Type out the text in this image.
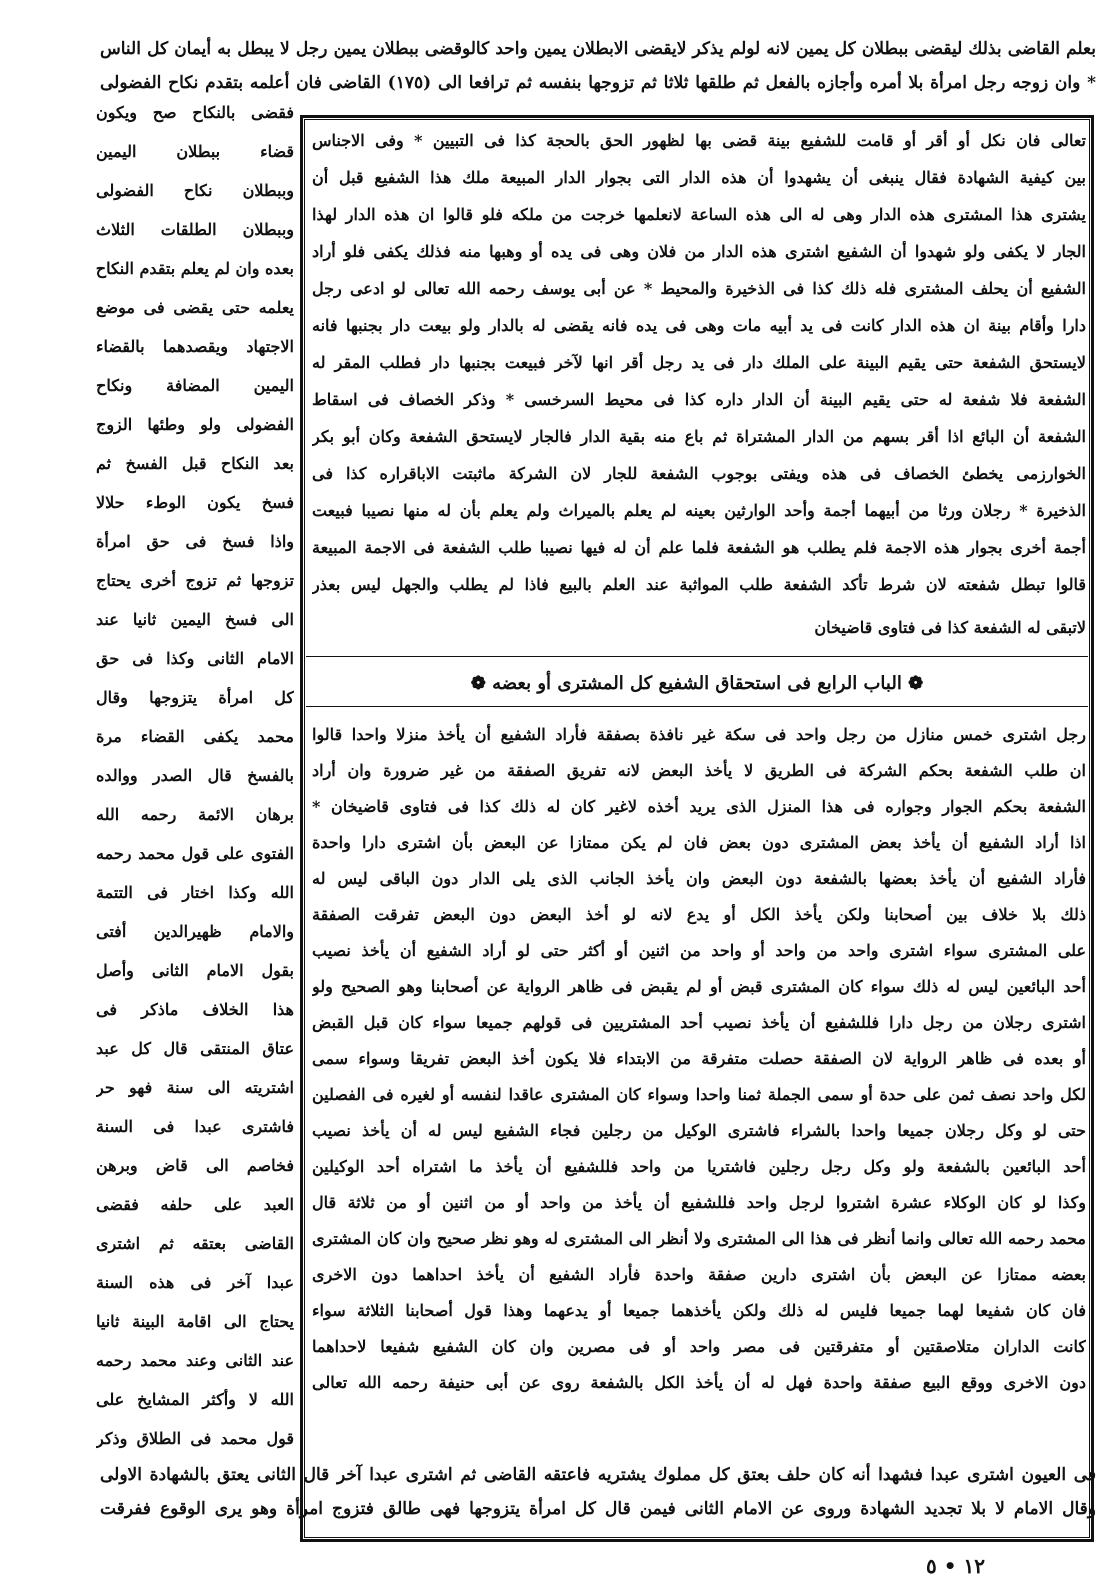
بعلم القاضی بذلك لیقضی ببطلان كل یمین لانه لولم یذكر لایقضی الابطلان یمین واحد كالوقضی ببطلان یمین رجل لا یبطل به أیمان كل الناس
* وان زوجه رجل امرأة بلا أمره وأجازه بالفعل ثم طلقها ثلاثا ثم تزوجها بنفسه ثم ترافعا الى (١٧٥) القاضی فان أعلمه بتقدم نكاح الفضولی
فقضی بالنكاح صح ویكون
قضاء ببطلان الیمین
وببطلان نكاح الفضولی
وببطلان الطلقات الثلاث
بعده وان لم یعلم بتقدم النكاح
یعلمه حتی یقضی فی موضع
الاجتهاد ویقصدهما بالقضاء
الیمین المضافة ونكاح
الفضولی ولو وطئها الزوج
بعد النكاح قبل الفسخ ثم
فسخ یكون الوطء حلالا
واذا فسخ فی حق امرأة
تزوجها ثم تزوج أخری یحتاج
الی فسخ الیمین ثانیا عند
الامام الثانی وكذا فی حق
كل امرأة یتزوجها وقال
محمد یكفی القضاء مرة
بالفسخ قال الصدر ووالده
برهان الائمة رحمه الله
الفتوی علی قول محمد رحمه
الله وكذا اختار فی التتمة
والامام ظهیرالدین أفتی
بقول الامام الثانی وأصل
هذا الخلاف ماذكر فی
عتاق المنتقی قال كل عبد
اشتریته الی سنة فهو حر
فاشتری عبدا فی السنة
فخاصم الی قاض وبرهن
العبد علی حلفه فقضی
القاضی بعتقه ثم اشتری
عبدا آخر فی هذه السنة
یحتاج الی اقامة البینة ثانیا
عند الثانی وعند محمد رحمه
الله لا وأكثر المشایخ علی
قول محمد فی الطلاق وذكر
تعالی فان نكل أو أقر أو قامت للشفیع بینة قضی بها لظهور الحق بالحجة كذا فی التبیین * وفی الاجناس
بین كیفیة الشهادة فقال ینبغی أن یشهدوا أن هذه الدار التی بجوار الدار المبیعة ملك هذا الشفیع قبل أن
یشتری هذا المشتری هذه الدار وهی له الی هذه الساعة لانعلمها خرجت من ملكه فلو قالوا ان هذه الدار لهذا
الجار لا یكفی ولو شهدوا أن الشفیع اشتری هذه الدار من فلان وهی فی یده أو وهبها منه فذلك یكفی فلو أراد
الشفیع أن یحلف المشتری فله ذلك كذا فی الذخیرة والمحیط * عن أبی یوسف رحمه الله تعالی لو ادعی رجل
دارا وأقام بینة ان هذه الدار كانت فی ید أبیه مات وهی فی یده فانه یقضی له بالدار ولو بیعت دار بجنبها فانه
لایستحق الشفعة حتی یقیم البینة علی الملك دار فی ید رجل أقر انها لآخر فبیعت بجنبها دار فطلب المقر له
الشفعة فلا شفعة له حتی یقیم البینة أن الدار داره كذا فی محیط السرخسی * وذكر الخصاف فی اسقاط
الشفعة أن البائع اذا أقر بسهم من الدار المشتراة ثم باع منه بقیة الدار فالجار لایستحق الشفعة وكان أبو بكر
الخوارزمی یخطئ الخصاف فی هذه ویفتی بوجوب الشفعة للجار لان الشركة ماثبتت الاباقراره كذا فی
الذخیرة * رجلان ورثا من أبیهما أجمة وأحد الوارثین بعینه لم یعلم بالمیراث ولم یعلم بأن له منها نصیبا فبیعت
أجمة أخری بجوار هذه الاجمة فلم یطلب هو الشفعة فلما علم أن له فیها نصیبا طلب الشفعة فی الاجمة المبیعة
قالوا تبطل شفعته لان شرط تأكد الشفعة طلب المواثبة عند العلم بالبیع فاذا لم یطلب والجهل لیس بعذر
لاتبقی له الشفعة كذا فی فتاوی قاضیخان
❁ الباب الرابع فی استحقاق الشفیع كل المشتری أو بعضه ❁
رجل اشتری خمس منازل من رجل واحد فی سكة غیر نافذة بصفقة فأراد الشفیع أن یأخذ منزلا واحدا قالوا
ان طلب الشفعة بحكم الشركة فی الطریق لا یأخذ البعض لانه تفریق الصفقة من غیر ضرورة وان أراد
الشفعة بحكم الجوار وجواره فی هذا المنزل الذی یرید أخذه لاغیر كان له ذلك كذا فی فتاوی قاضیخان *
اذا أراد الشفیع أن یأخذ بعض المشتری دون بعض فان لم یكن ممتازا عن البعض بأن اشتری دارا واحدة
فأراد الشفیع أن یأخذ بعضها بالشفعة دون البعض وان یأخذ الجانب الذی یلی الدار دون الباقی لیس له
ذلك بلا خلاف بین أصحابنا ولكن یأخذ الكل أو یدع لانه لو أخذ البعض دون البعض تفرقت الصفقة
علی المشتری سواء اشتری واحد من واحد أو واحد من اثنین أو أكثر حتی لو أراد الشفیع أن یأخذ نصیب
أحد البائعین لیس له ذلك سواء كان المشتری قبض أو لم یقبض فی ظاهر الروایة عن أصحابنا وهو الصحیح ولو
اشتری رجلان من رجل دارا فللشفیع أن یأخذ نصیب أحد المشتریین فی قولهم جمیعا سواء كان قبل القبض
أو بعده فی ظاهر الروایة لان الصفقة حصلت متفرقة من الابتداء فلا یكون أخذ البعض تفریقا وسواء سمی
لكل واحد نصف ثمن علی حدة أو سمی الجملة ثمنا واحدا وسواء كان المشتری عاقدا لنفسه أو لغیره فی الفصلین
حتی لو وكل رجلان جمیعا واحدا بالشراء فاشتری الوكیل من رجلین فجاء الشفیع لیس له أن یأخذ نصیب
أحد البائعین بالشفعة ولو وكل رجل رجلین فاشتریا من واحد فللشفیع أن یأخذ ما اشتراه أحد الوكیلین
وكذا لو كان الوكلاء عشرة اشتروا لرجل واحد فللشفیع أن یأخذ من واحد أو من اثنین أو من ثلاثة قال
محمد رحمه الله تعالی وانما أنظر فی هذا الی المشتری ولا أنظر الی المشتری له وهو نظر صحیح وان كان المشتری
بعضه ممتازا عن البعض بأن اشتری دارین صفقة واحدة فأراد الشفیع أن یأخذ احداهما دون الاخری
فان كان شفیعا لهما جمیعا فلیس له ذلك ولكن یأخذهما جمیعا أو یدعهما وهذا قول أصحابنا الثلاثة سواء
كانت الداران متلاصقتین أو متفرقتین فی مصر واحد أو فی مصرین وان كان الشفیع شفیعا لاحداهما
دون الاخری ووقع البیع صفقة واحدة فهل له أن یأخذ الكل بالشفعة روی عن أبی حنیفة رحمه الله تعالی
فی العیون اشتری عبدا فشهدا أنه كان حلف بعتق كل مملوك یشتریه فاعتقه القاضی ثم اشتری عبدا آخر قال الثانی یعتق بالشهادة الاولی
وقال الامام لا بلا تجدید الشهادة وروی عن الامام الثانی فیمن قال كل امرأة یتزوجها فهی طالق فتزوج امرأة وهو یری الوقوع ففرقت
١٢ • ٥
